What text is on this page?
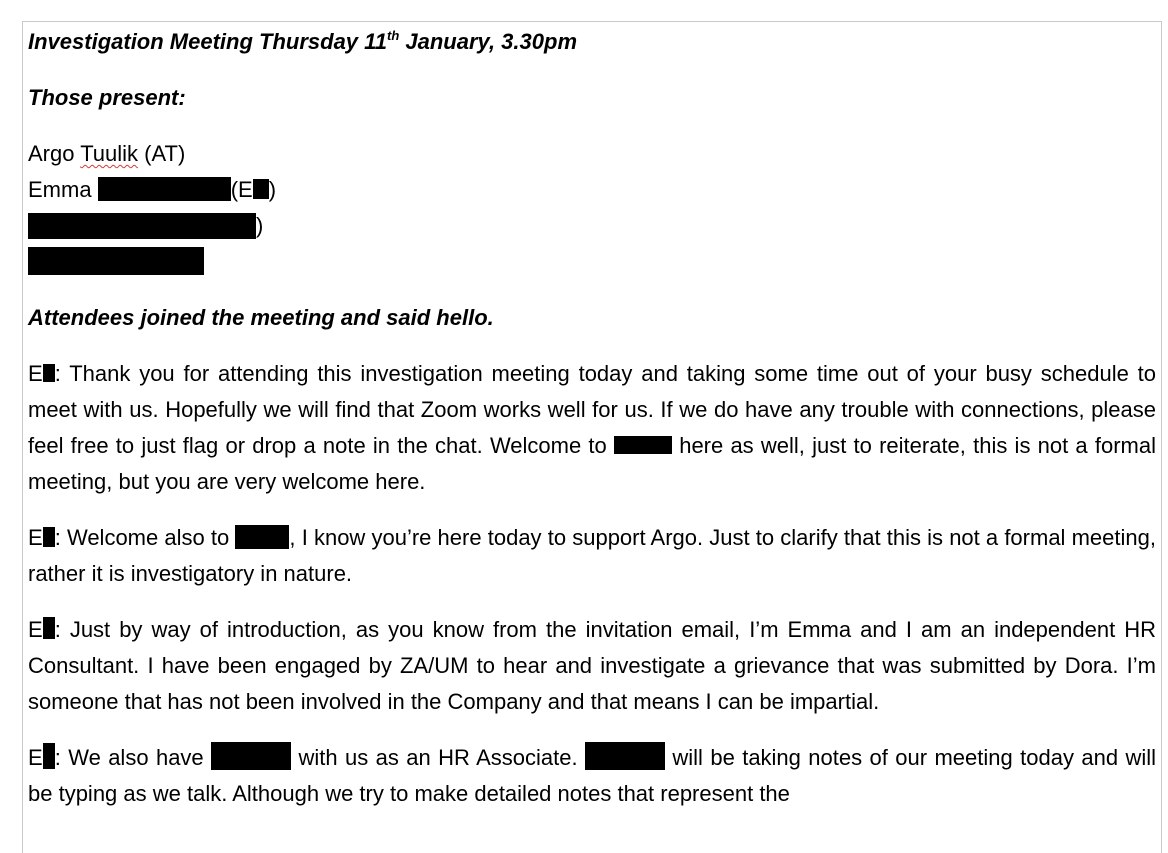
Investigation Meeting Thursday 11th January, 3.30pm
Those present:
Argo Tuulik (AT)
Emma	(E )
)
Attendees joined the meeting and said hello.
E : Thank you for attending this investigation meeting today and taking some time out of your busy schedule to meet with us. Hopefully we will find that Zoom works well for us. If we do have any trouble with connections, please feel free to just flag or drop a note in the chat. Welcome to	here as well, just to reiterate, this is not a formal meeting, but you are very welcome here.
E : Welcome also to , I know you’re here today to support Argo. Just to clarify that this is not a formal meeting, rather it is investigatory in nature.
E : Just by way of introduction, as you know from the invitation email, I’m Emma and I am an independent HR Consultant. I have been engaged by ZA/UM to hear and investigate a grievance that was submitted by Dora. I’m someone that has not been involved in the Company and that means I can be impartial.
E : We also have	with us as an HR Associate.	will be taking notes of our meeting today and will be typing as we talk. Although we try to make detailed notes that represent the
